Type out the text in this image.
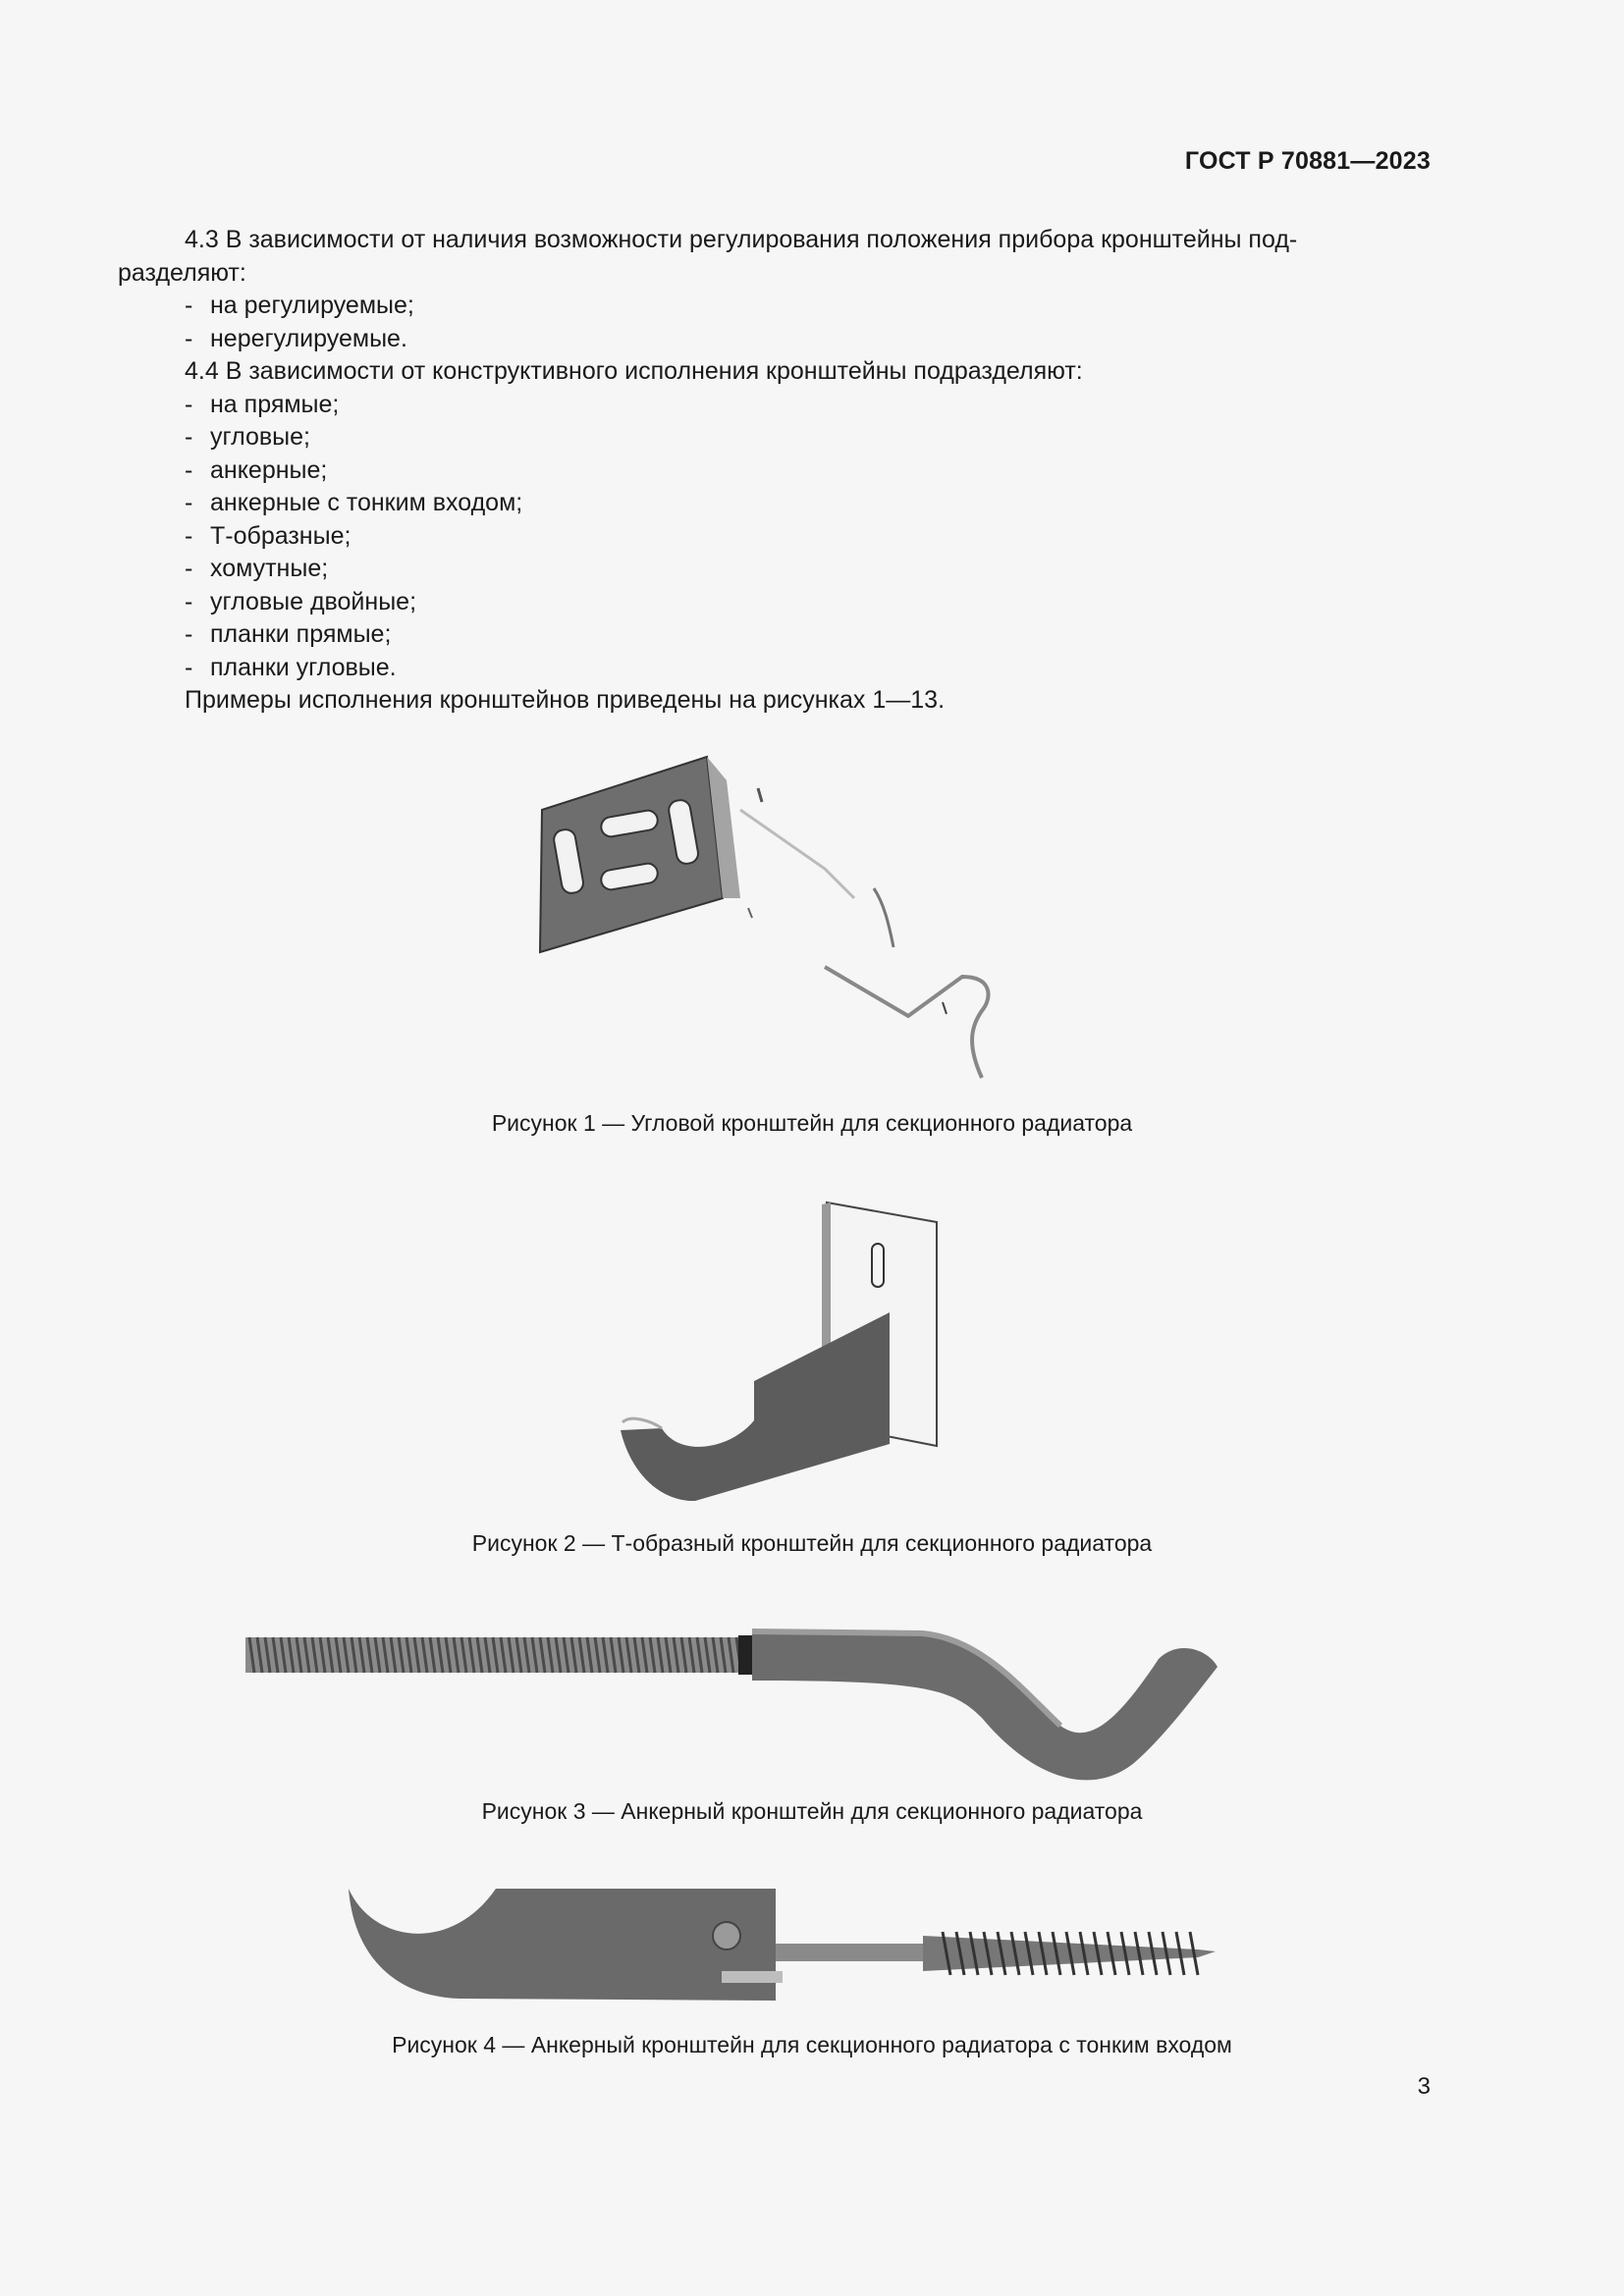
ГОСТ Р 70881—2023

4.3 В зависимости от наличия возможности регулирования положения прибора кронштейны под-

разделяют:

- на регулируемые;

- нерегулируемые.

4.4 В зависимости от конструктивного исполнения кронштейны подразделяют:

- на прямые;

- угловые;

- анкерные;

- анкерные с тонким входом;

- Т-образные;

- хомутные;

- угловые двойные;

- планки прямые;

- планки угловые.

Примеры исполнения кронштейнов приведены на рисунках 1—13.

Рисунок 1 — Угловой кронштейн для секционного радиатора
Рисунок 2 — Т-образный кронштейн для секционного радиатора
Рисунок 3 — Анкерный кронштейн для секционного радиатора
Рисунок 4 — Анкерный кронштейн для секционного радиатора с тонким входом
3
